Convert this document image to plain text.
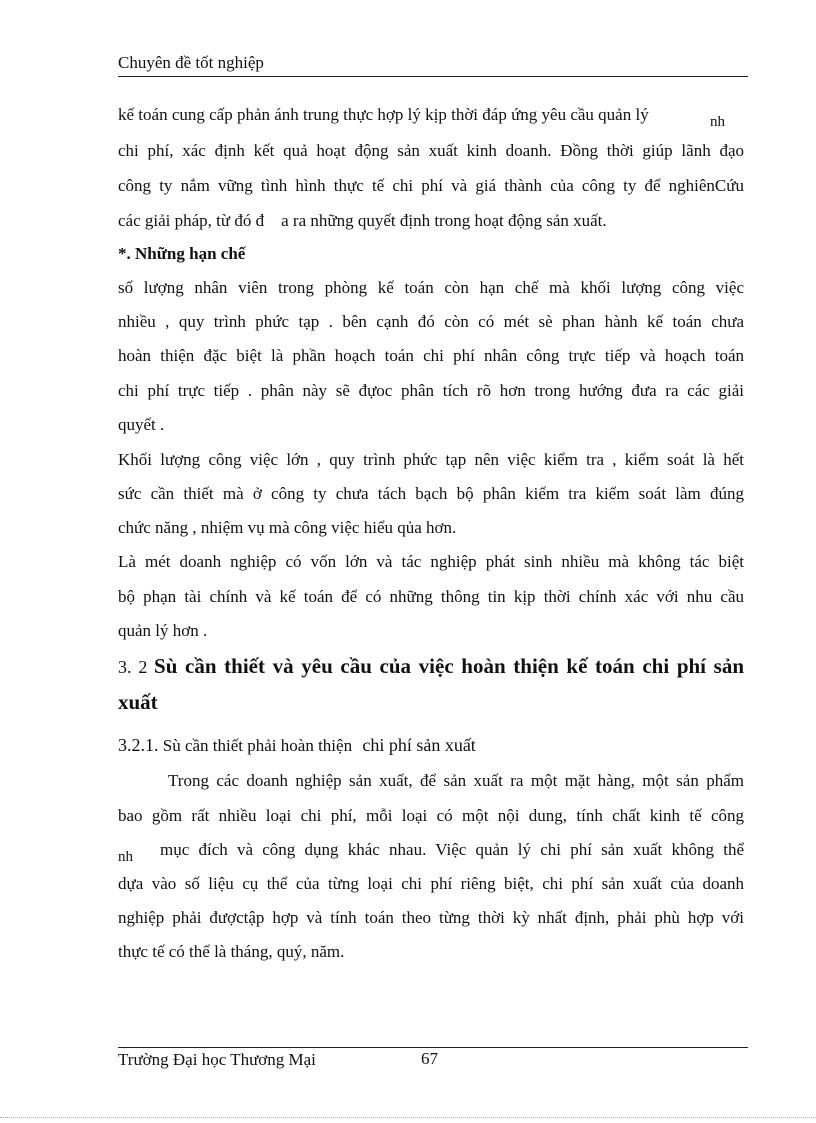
Chuyên đề tốt nghiệp
kế toán cung cấp phản ánh trung thực hợp lý kịp thời đáp ứng yêu cầu quản lý	nh
chi phí, xác định kết quả hoạt động sản xuất kinh doanh. Đồng thời giúp lãnh đạo
công ty nắm vững tình hình thực tế chi phí và giá thành của công ty để nghiênCứu
các giải pháp, từ đó đ    a ra những quyết định trong hoạt động sản xuất.
*. Những hạn chế
số lượng nhân viên trong phòng kế toán còn hạn chế mà khối lượng công việc
nhiều , quy trình phức tạp . bên cạnh đó còn có mét sè phan hành kế toán chưa
hoàn thiện đặc biệt là phần hoạch toán chi phí nhân công trực tiếp và hoạch toán
chi phí trực tiếp . phân này sẽ đựoc phân tích rõ hơn trong hướng đưa ra các giải
quyết .
Khối lượng công việc lớn , quy trình phức tạp nên việc kiểm tra , kiểm soát là hết
sức cần thiết mà ở công ty chưa tách bạch bộ phân kiểm tra kiểm soát làm đúng
chức năng , nhiệm vụ mà công việc hiểu qủa hơn.
Là mét doanh nghiệp có vốn lớn và tác nghiệp phát sinh nhiều mà không tác biệt
bộ phạn tài chính và kế toán để có những thông tin kịp thời chính xác với nhu cầu
quản lý hơn .
3. 2 Sù cần thiết và yêu cầu của việc hoàn thiện kế toán chi phí sản
xuất
3.2.1. Sù cần thiết phải hoàn thiện chi phí sản xuất
Trong các doanh nghiệp sản xuất, để sản xuất ra một mặt hàng, một sản phẩm
bao gồm rất nhiều loại chi phí, mỗi loại có một nội dung, tính chất kinh tế công
nh	mục đích và công dụng khác nhau. Việc quản lý chi phí sản xuất không thể
dựa vào số liệu cụ thể của từng loại chi phí riêng biệt, chi phí sản xuất của doanh
nghiệp phải đượctập hợp và tính toán theo từng thời kỳ nhất định, phải phù hợp với
thực tế có thể là tháng, quý, năm.
Trường Đại học Thương Mại	67
